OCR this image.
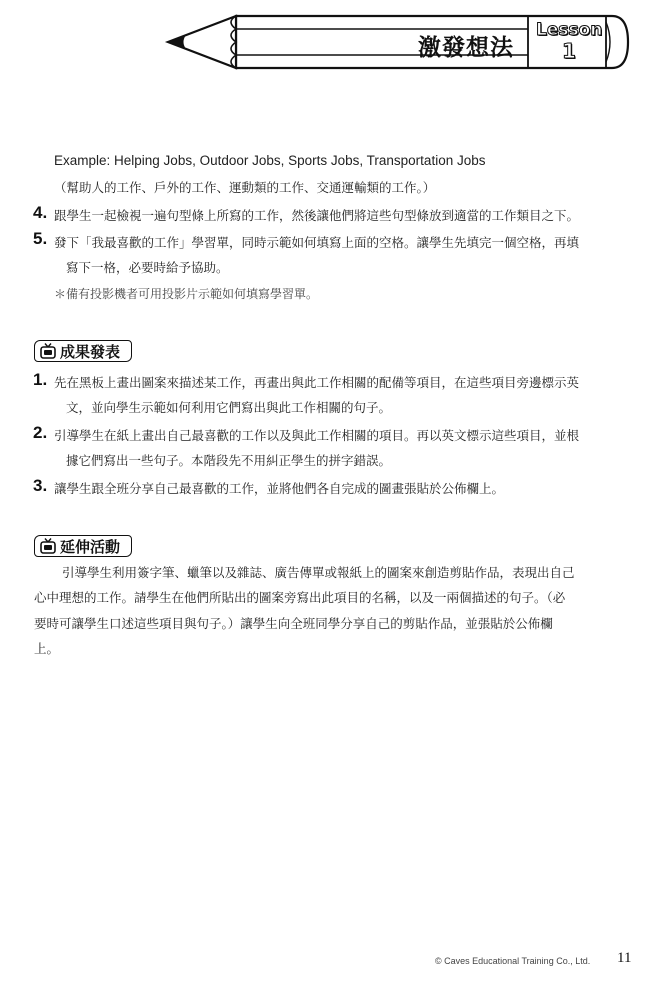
激發想法
Lesson
1
Example: Helping Jobs, Outdoor Jobs, Sports Jobs, Transportation Jobs
（幫助人的工作、戶外的工作、運動類的工作、交通運輸類的工作。）
4. 跟學生一起檢視一遍句型條上所寫的工作，然後讓他們將這些句型條放到適當的工作類目之下。
5. 發下「我最喜歡的工作」學習單，同時示範如何填寫上面的空格。讓學生先填完一個空格，再填
寫下一格，必要時給予協助。
＊備有投影機者可用投影片示範如何填寫學習單。
成果發表
1. 先在黑板上畫出圖案來描述某工作，再畫出與此工作相關的配備等項目，在這些項目旁邊標示英
文，並向學生示範如何利用它們寫出與此工作相關的句子。
2. 引導學生在紙上畫出自己最喜歡的工作以及與此工作相關的項目。再以英文標示這些項目，並根
據它們寫出一些句子。本階段先不用糾正學生的拼字錯誤。
3. 讓學生跟全班分享自己最喜歡的工作，並將他們各自完成的圖畫張貼於公佈欄上。
延伸活動
引導學生利用簽字筆、蠟筆以及雜誌、廣告傳單或報紙上的圖案來創造剪貼作品，表現出自己
心中理想的工作。請學生在他們所貼出的圖案旁寫出此項目的名稱，以及一兩個描述的句子。（必
要時可讓學生口述這些項目與句子。）讓學生向全班同學分享自己的剪貼作品，並張貼於公佈欄
上。
© Caves Educational Training Co., Ltd. 11
